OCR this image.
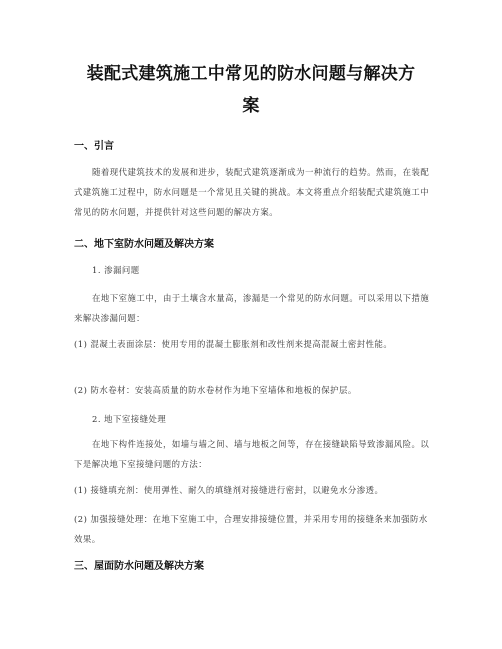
装配式建筑施工中常见的防水问题与解决方
案
一、引言

随着现代建筑技术的发展和进步，装配式建筑逐渐成为一种流行的趋势。然而，在装配式建筑施工过程中，防水问题是一个常见且关键的挑战。本文将重点介绍装配式建筑施工中常见的防水问题，并提供针对这些问题的解决方案。

二、地下室防水问题及解决方案

1. 渗漏问题

在地下室施工中，由于土壤含水量高，渗漏是一个常见的防水问题。可以采用以下措施来解决渗漏问题：

(1) 混凝土表面涂层：使用专用的混凝土膨胀剂和改性剂来提高混凝土密封性能。

(2) 防水卷材：安装高质量的防水卷材作为地下室墙体和地板的保护层。

2. 地下室接缝处理

在地下构件连接处，如墙与墙之间、墙与地板之间等，存在接缝缺陷导致渗漏风险。以下是解决地下室接缝问题的方法：

(1) 接缝填充剂：使用弹性、耐久的填缝剂对接缝进行密封，以避免水分渗透。

(2) 加强接缝处理：在地下室施工中，合理安排接缝位置，并采用专用的接缝条来加强防水效果。

三、屋面防水问题及解决方案
